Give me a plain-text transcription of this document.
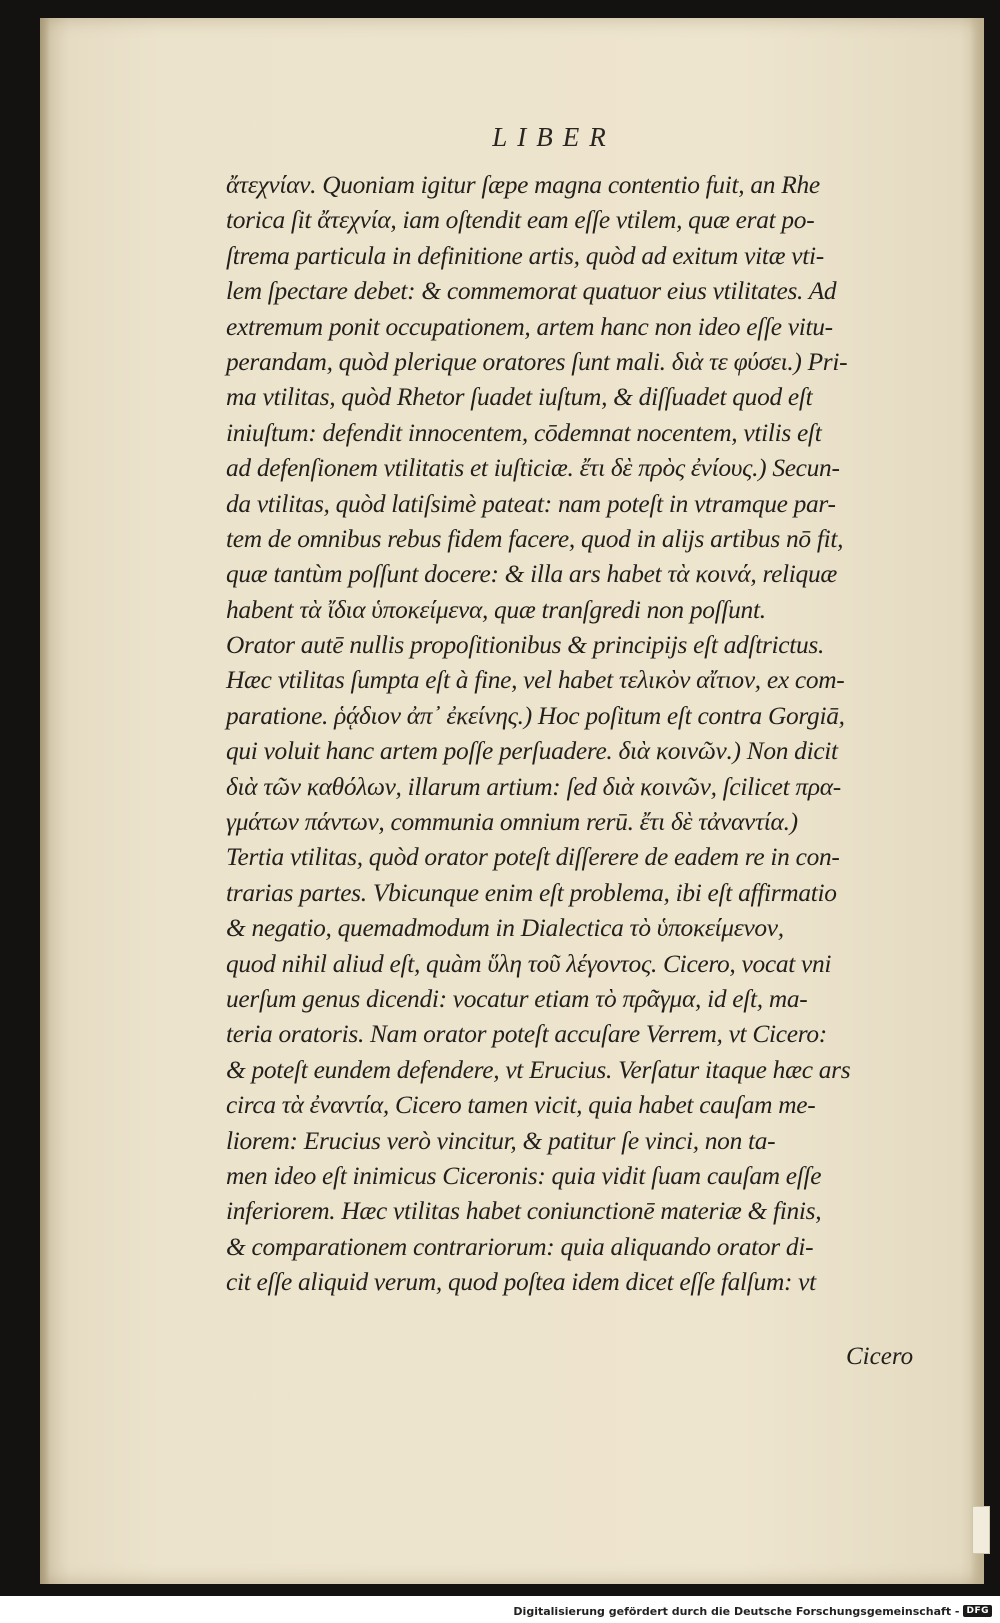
LIBER
ἄτεχνίαν. Quoniam igitur ſæpe magna contentio fuit, an Rhe
torica ſit ἄτεχνία, iam oſtendit eam eſſe vtilem, quæ erat po-
ſtrema particula in definitione artis, quòd ad exitum vitæ vti-
lem ſpectare debet: & commemorat quatuor eius vtilitates. Ad
extremum ponit occupationem, artem hanc non ideo eſſe vitu-
perandam, quòd plerique oratores ſunt mali. διὰ τε φύσει.) Pri-
ma vtilitas, quòd Rhetor ſuadet iuſtum, & diſſuadet quod eſt
iniuſtum: defendit innocentem, cōdemnat nocentem, vtilis eſt
ad defenſionem vtilitatis et iuſticiæ. ἔτι δὲ πρὸς ἐνίους.) Secun-
da vtilitas, quòd latiſsimè pateat: nam poteſt in vtramque par-
tem de omnibus rebus fidem facere, quod in alijs artibus nō fit,
quæ tantùm poſſunt docere: & illa ars habet τὰ κοινά, reliquæ
habent τὰ ἴδια ὑποκείμενα, quæ tranſgredi non poſſunt.
Orator autē nullis propoſitionibus & principijs eſt adſtrictus.
Hæc vtilitas ſumpta eſt à fine, vel habet τελικὸν αἴτιον, ex com-
paratione. ῥᾴδιον ἀπ᾽ ἐκείνης.) Hoc poſitum eſt contra Gorgiā,
qui voluit hanc artem poſſe perſuadere. διὰ κοινῶν.) Non dicit
διὰ τῶν καθόλων, illarum artium: ſed διὰ κοινῶν, ſcilicet πρα-
γμάτων πάντων, communia omnium rerū. ἔτι δὲ τἀναντία.)
Tertia vtilitas, quòd orator poteſt diſſerere de eadem re in con-
trarias partes. Vbicunque enim eſt problema, ibi eſt affirmatio
& negatio, quemadmodum in Dialectica τὸ ὑποκείμενον,
quod nihil aliud eſt, quàm ὕλη τοῦ λέγοντος. Cicero, vocat vni
uerſum genus dicendi: vocatur etiam τὸ πρᾶγμα, id eſt, ma-
teria oratoris. Nam orator poteſt accuſare Verrem, vt Cicero:
& poteſt eundem defendere, vt Erucius. Verſatur itaque hæc ars
circa τὰ ἐναντία, Cicero tamen vicit, quia habet cauſam me-
liorem: Erucius verò vincitur, & patitur ſe vinci, non ta-
men ideo eſt inimicus Ciceronis: quia vidit ſuam cauſam eſſe
inferiorem. Hæc vtilitas habet coniunctionē materiæ & finis,
& comparationem contrariorum: quia aliquando orator di-
cit eſſe aliquid verum, quod poſtea idem dicet eſſe falſum: vt
Cicero
Digitalisierung gefördert durch die Deutsche Forschungsgemeinschaft - DFG
